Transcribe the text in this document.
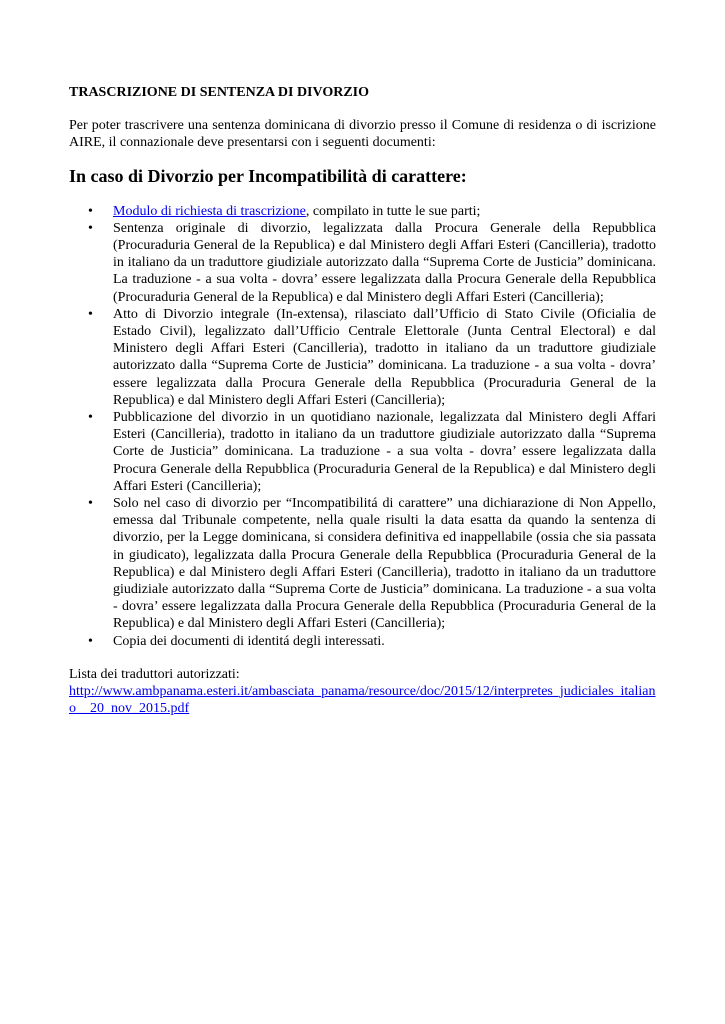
TRASCRIZIONE DI SENTENZA DI DIVORZIO
Per poter trascrivere una sentenza dominicana di divorzio presso il Comune di residenza o di iscrizione AIRE, il connazionale deve presentarsi con i seguenti documenti:
In caso di Divorzio per Incompatibilità di carattere:
• Modulo di richiesta di trascrizione, compilato in tutte le sue parti;
• Sentenza originale di divorzio, legalizzata dalla Procura Generale della Repubblica (Procuraduria General de la Republica) e dal Ministero degli Affari Esteri (Cancilleria), tradotto in italiano da un traduttore giudiziale autorizzato dalla “Suprema Corte de Justicia” dominicana. La traduzione - a sua volta - dovra’ essere legalizzata dalla Procura Generale della Repubblica (Procuraduria General de la Republica) e dal Ministero degli Affari Esteri (Cancilleria);
• Atto di Divorzio integrale (In-extensa), rilasciato dall’Ufficio di Stato Civile (Oficialia de Estado Civil), legalizzato dall’Ufficio Centrale Elettorale (Junta Central Electoral) e dal Ministero degli Affari Esteri (Cancilleria), tradotto in italiano da un traduttore giudiziale autorizzato dalla “Suprema Corte de Justicia” dominicana. La traduzione - a sua volta - dovra’ essere legalizzata dalla Procura Generale della Repubblica (Procuraduria General de la Republica) e dal Ministero degli Affari Esteri (Cancilleria);
• Pubblicazione del divorzio in un quotidiano nazionale, legalizzata dal Ministero degli Affari Esteri (Cancilleria), tradotto in italiano da un traduttore giudiziale autorizzato dalla “Suprema Corte de Justicia” dominicana. La traduzione - a sua volta - dovra’ essere legalizzata dalla Procura Generale della Repubblica (Procuraduria General de la Republica) e dal Ministero degli Affari Esteri (Cancilleria);
• Solo nel caso di divorzio per “Incompatibilitá di carattere” una dichiarazione di Non Appello, emessa dal Tribunale competente, nella quale risulti la data esatta da quando la sentenza di divorzio, per la Legge dominicana, si considera definitiva ed inappellabile (ossia che sia passata in giudicato), legalizzata dalla Procura Generale della Repubblica (Procuraduria General de la Republica) e dal Ministero degli Affari Esteri (Cancilleria), tradotto in italiano da un traduttore giudiziale autorizzato dalla “Suprema Corte de Justicia” dominicana. La traduzione - a sua volta - dovra’ essere legalizzata dalla Procura Generale della Repubblica (Procuraduria General de la Republica) e dal Ministero degli Affari Esteri (Cancilleria);
• Copia dei documenti di identitá degli interessati.
Lista dei traduttori autorizzati:
http://www.ambpanama.esteri.it/ambasciata_panama/resource/doc/2015/12/interpretes_judiciales_italiano__20_nov_2015.pdf
